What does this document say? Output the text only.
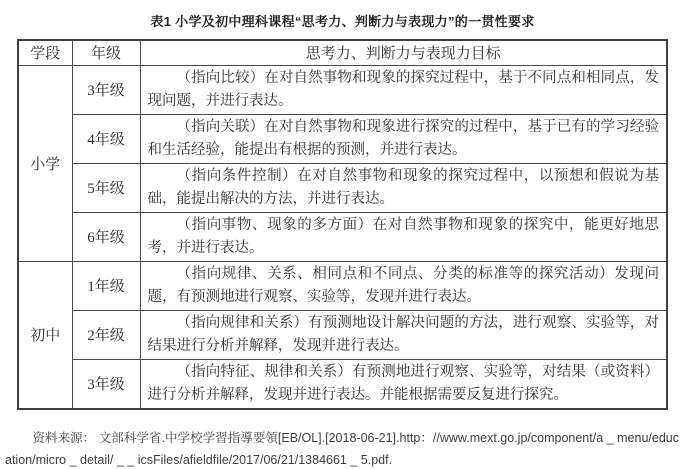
表1 小学及初中理科课程“思考力、判断力与表现力”的一贯性要求

学段	年级	思考力、判断力与表现力目标
小学	3年级	（指向比较）在对自然事物和现象的探究过程中，基于不同点和相同点，发现问题，并进行表达。

	4年级	（指向关联）在对自然事物和现象进行探究的过程中，基于已有的学习经验和生活经验，能提出有根据的预测，并进行表达。

	5年级	（指向条件控制）在对自然事物和现象的探究过程中，以预想和假说为基础，能提出解决的方法，并进行表达。

	6年级	（指向事物、现象的多方面）在对自然事物和现象的探究中，能更好地思考，并进行表达。

初中	1年级	（指向规律、关系、相同点和不同点、分类的标准等的探究活动）发现问题，有预测地进行观察、实验等，发现并进行表达。

	2年级	（指向规律和关系）有预测地设计解决问题的方法，进行观察、实验等，对结果进行分析并解释，发现并进行表达。

	3年级	（指向特征、规律和关系）有预测地进行观察、实验等，对结果（或资料）进行分析并解释，发现并进行表达。并能根据需要反复进行探究。

资料来源： 文部科学省.中学校学習指導要領[EB/OL].[2018-06-21].http：//www.mext.go.jp/component/a _ menu/education/micro _ detail/ _ _ icsFiles/afieldfile/2017/06/21/1384661 _ 5.pdf.
